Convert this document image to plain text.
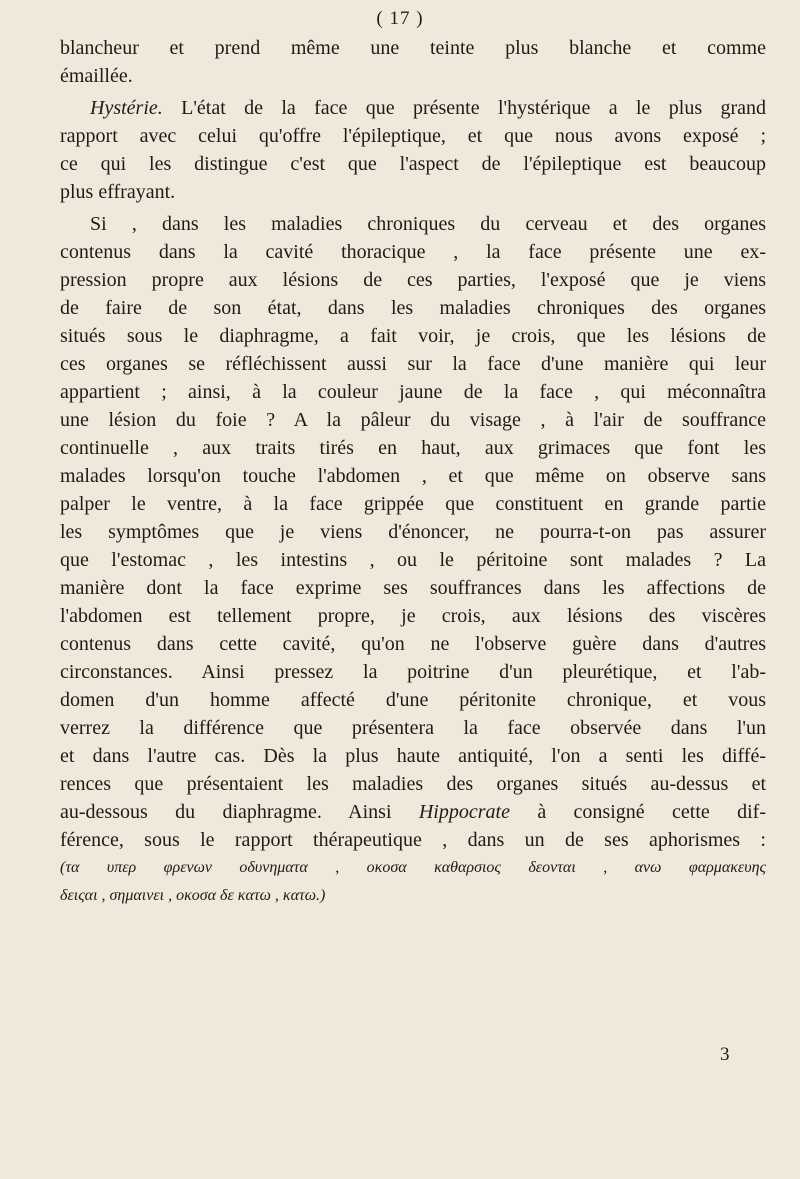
( 17 )
blancheur et prend même une teinte plus blanche et comme
émaillée.
Hystérie. L'état de la face que présente l'hystérique a le plus grand
rapport avec celui qu'offre l'épileptique, et que nous avons exposé ;
ce qui les distingue c'est que l'aspect de l'épileptique est beaucoup
plus effrayant.
Si , dans les maladies chroniques du cerveau et des organes
contenus dans la cavité thoracique , la face présente une ex-
pression propre aux lésions de ces parties, l'exposé que je viens
de faire de son état, dans les maladies chroniques des organes
situés sous le diaphragme, a fait voir, je crois, que les lésions de
ces organes se réfléchissent aussi sur la face d'une manière qui leur
appartient ; ainsi, à la couleur jaune de la face , qui méconnaîtra
une lésion du foie ? A la pâleur du visage , à l'air de souffrance
continuelle , aux traits tirés en haut, aux grimaces que font les
malades lorsqu'on touche l'abdomen , et que même on observe sans
palper le ventre, à la face grippée que constituent en grande partie
les symptômes que je viens d'énoncer, ne pourra-t-on pas assurer
que l'estomac , les intestins , ou le péritoine sont malades ? La
manière dont la face exprime ses souffrances dans les affections de
l'abdomen est tellement propre, je crois, aux lésions des viscères
contenus dans cette cavité, qu'on ne l'observe guère dans d'autres
circonstances. Ainsi pressez la poitrine d'un pleurétique, et l'ab-
domen d'un homme affecté d'une péritonite chronique, et vous
verrez la différence que présentera la face observée dans l'un
et dans l'autre cas. Dès la plus haute antiquité, l'on a senti les diffé-
rences que présentaient les maladies des organes situés au-dessus et
au-dessous du diaphragme. Ainsi Hippocrate à consigné cette dif-
férence, sous le rapport thérapeutique , dans un de ses aphorismes :
(τα υπερ φρενων οδυνηματα , οκοσα καθαρσιος δεονται , ανω φαρμακευης
δειςαι , σημαινει , οκοσα δε κατω , κατω.)
3
